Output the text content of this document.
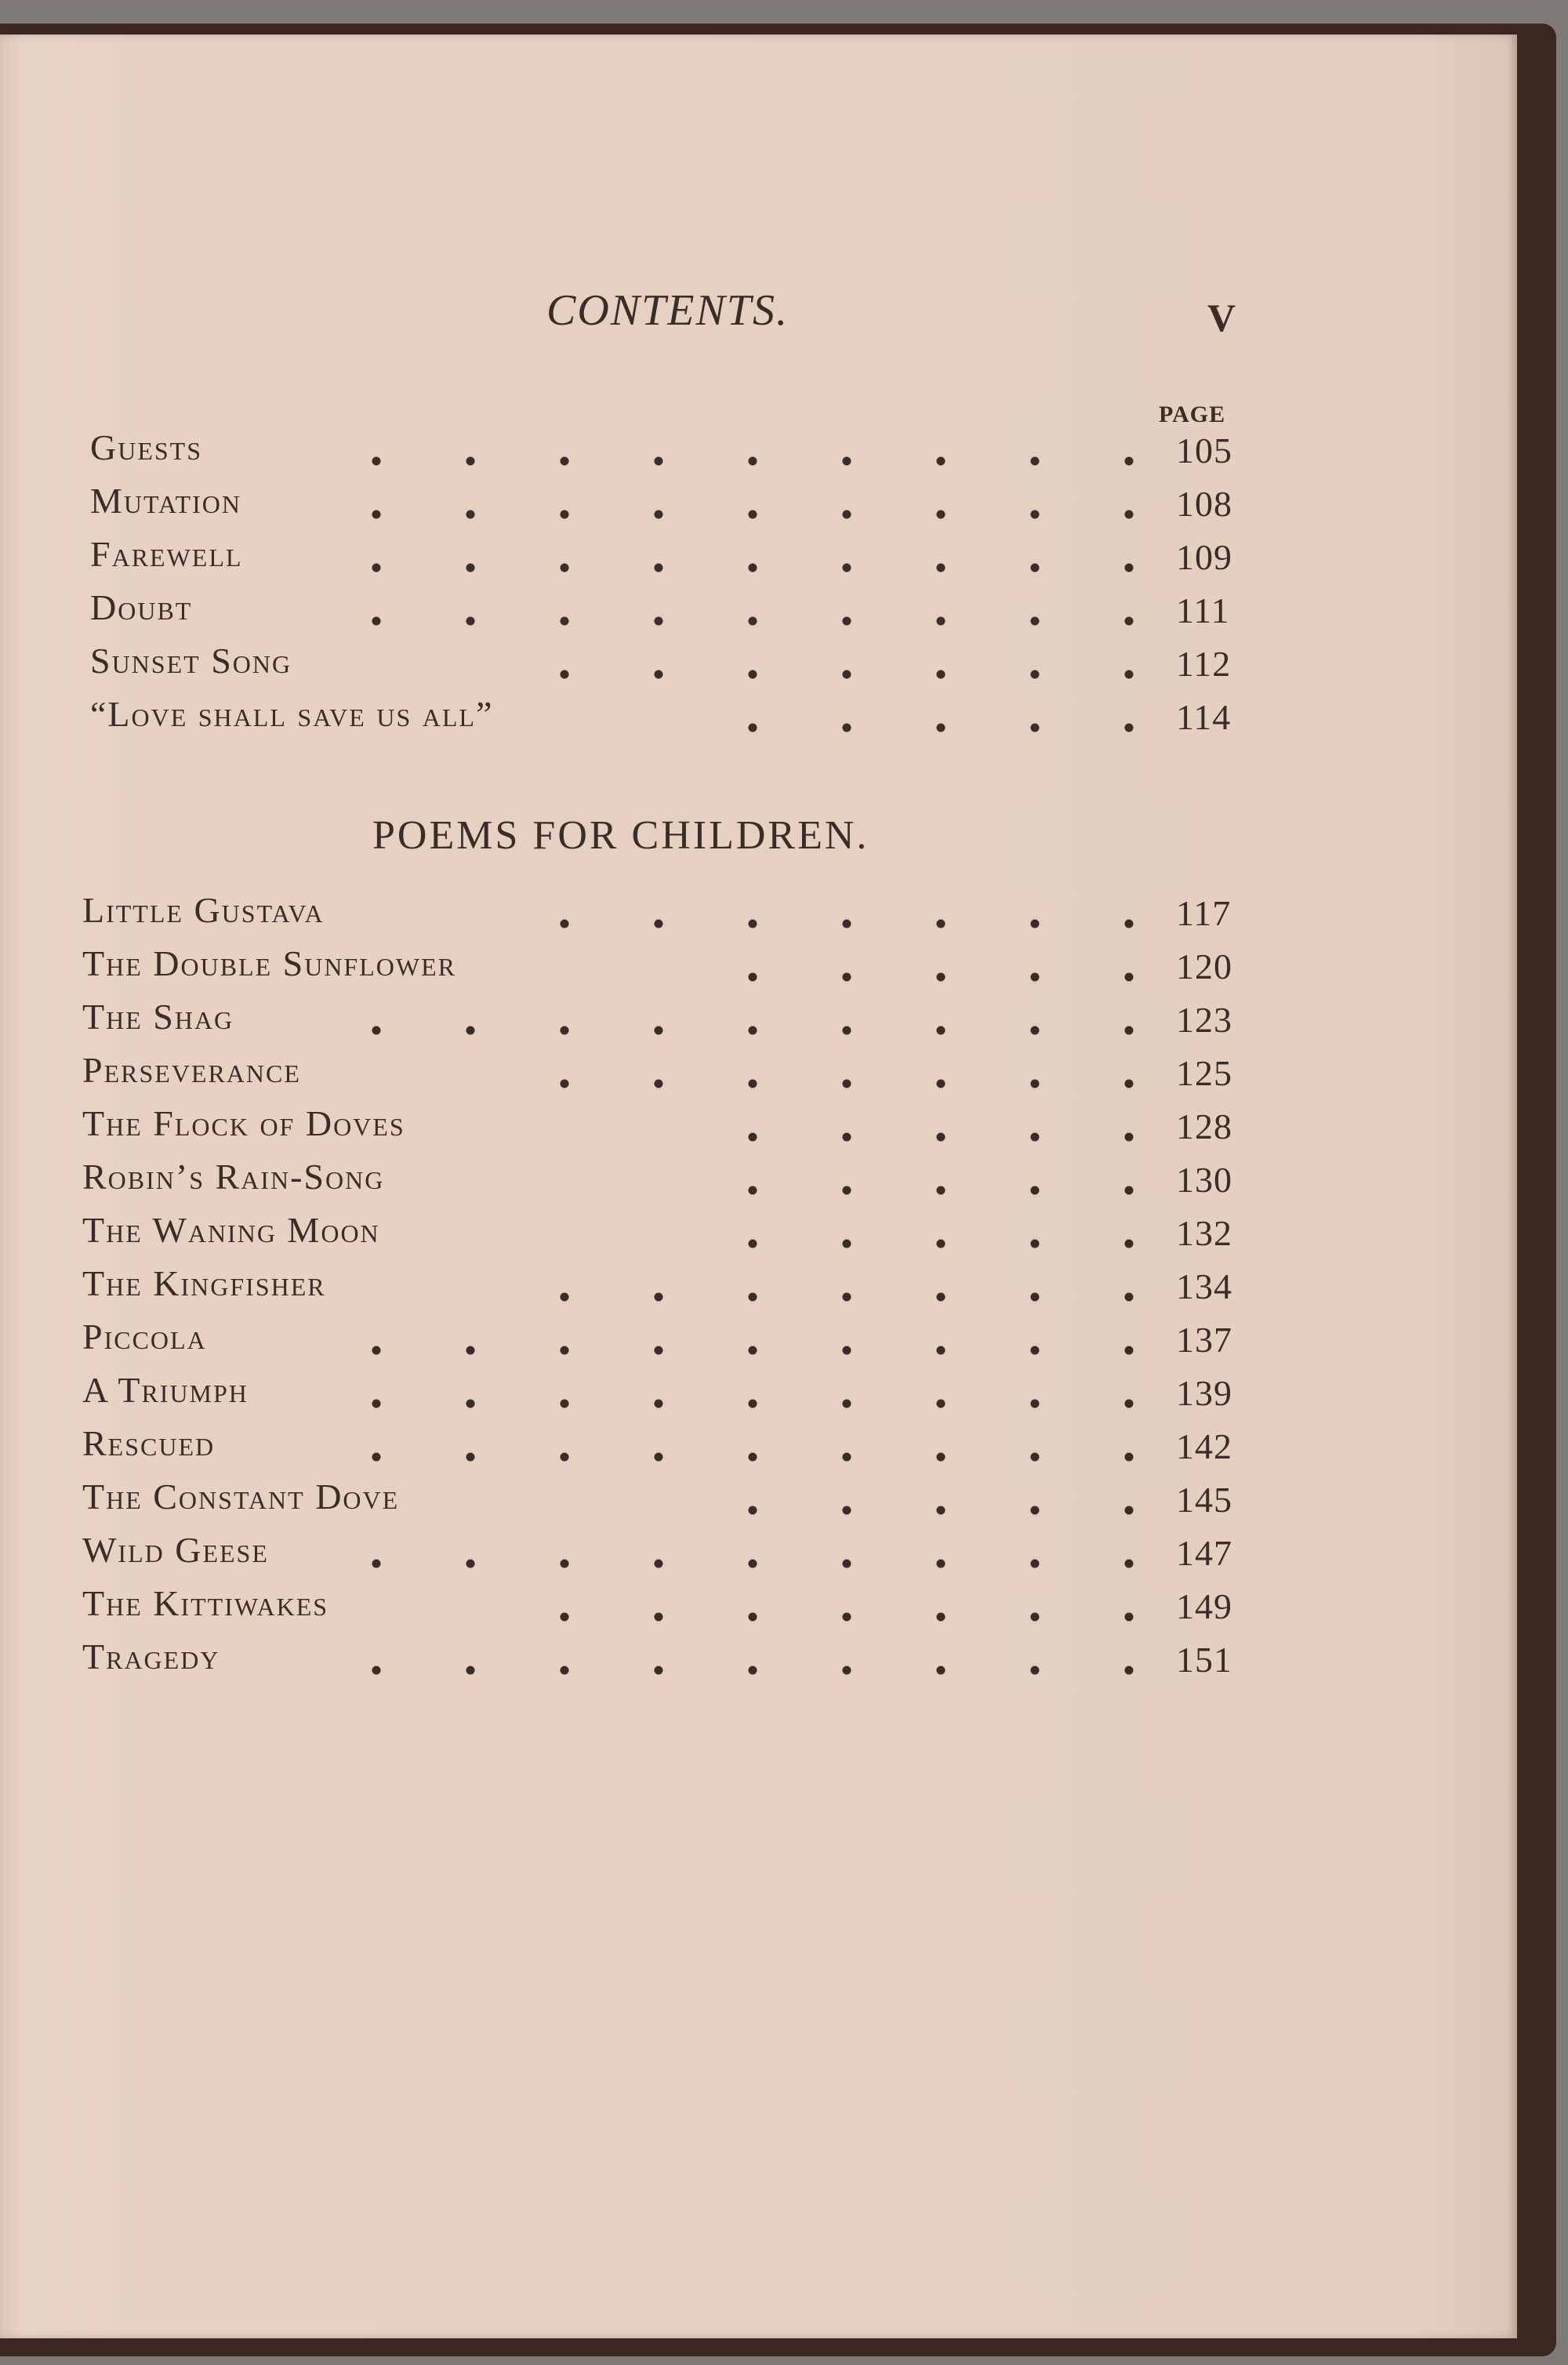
CONTENTS.	V
PAGE
Guests	105
Mutation	108
Farewell	109
Doubt	111
Sunset Song	112
“Love shall save us all”	114
POEMS FOR CHILDREN.
Little Gustava	117
The Double Sunflower	120
The Shag	123
Perseverance	125
The Flock of Doves	128
Robin’s Rain-Song	130
The Waning Moon	132
The Kingfisher	134
Piccola	137
A Triumph	139
Rescued	142
The Constant Dove	145
Wild Geese	147
The Kittiwakes	149
Tragedy	151
